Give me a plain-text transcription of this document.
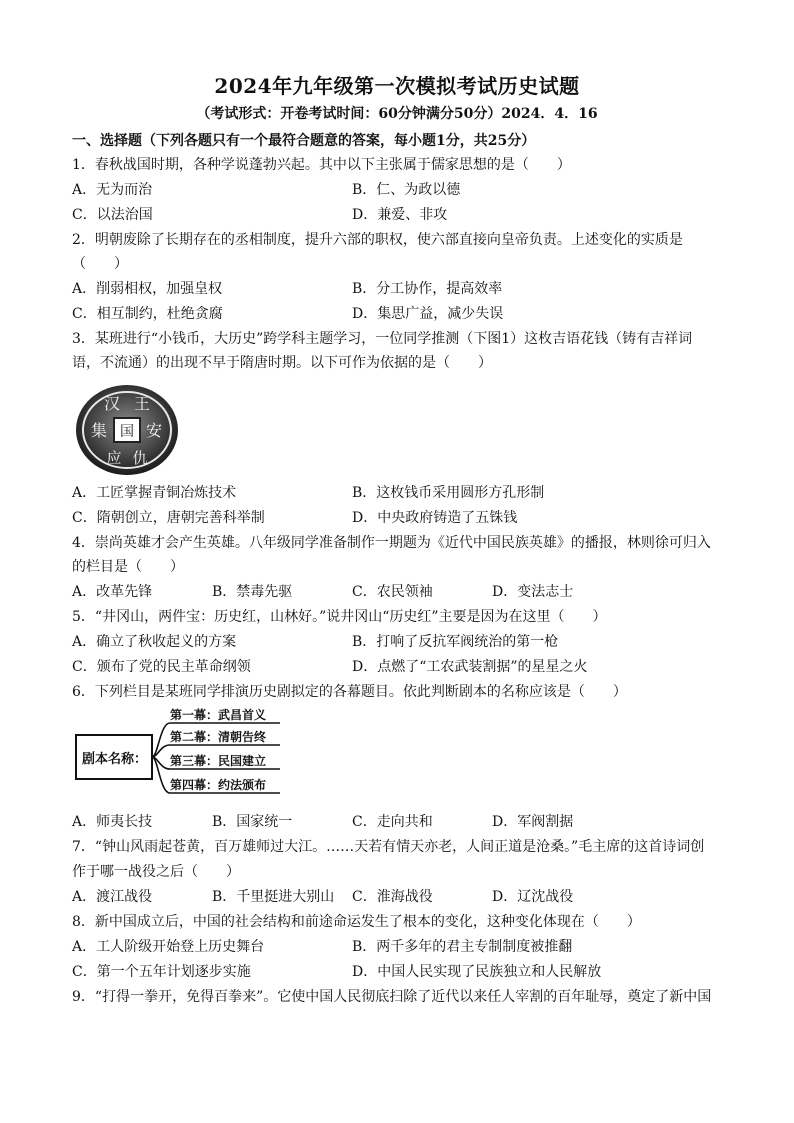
2024年九年级第一次模拟考试历史试题
（考试形式：开卷考试时间：60分钟满分50分）2024．4．16
一、选择题（下列各题只有一个最符合题意的答案，每小题1分，共25分）
1．春秋战国时期，各种学说蓬勃兴起。其中以下主张属于儒家思想的是（　　）
A．无为而治	B．仁、为政以德
C．以法治国	D．兼爱、非攻
2．明朝废除了长期存在的丞相制度，提升六部的职权，使六部直接向皇帝负责。上述变化的实质是
（　　）
A．削弱相权，加强皇权	B．分工协作，提高效率
C．相互制约，杜绝贪腐	D．集思广益，减少失误
3．某班进行“小钱币，大历史”跨学科主题学习，一位同学推测（下图1）这枚吉语花钱（铸有吉祥词
语，不流通）的出现不早于隋唐时期。以下可作为依据的是（　　）
国
汉 王
安
集
应 仇
A．工匠掌握青铜冶炼技术	B．这枚钱币采用圆形方孔形制
C．隋朝创立，唐朝完善科举制	D．中央政府铸造了五铢钱
4．崇尚英雄才会产生英雄。八年级同学准备制作一期题为《近代中国民族英雄》的播报，林则徐可归入
的栏目是（　　）
A．改革先锋	B．禁毒先驱	C．农民领袖	D．变法志士
5．“井冈山，两件宝：历史红，山林好。”说井冈山“历史红”主要是因为在这里（　　）
A．确立了秋收起义的方案	B．打响了反抗军阀统治的第一枪
C．颁布了党的民主革命纲领	D．点燃了“工农武装割据”的星星之火
6．下列栏目是某班同学排演历史剧拟定的各幕题目。依此判断剧本的名称应该是（　　）
剧本名称：
第一幕：武昌首义
第二幕：清朝告终
第三幕：民国建立
第四幕：约法颁布
A．师夷长技	B．国家统一	C．走向共和	D．军阀割据
7．“钟山风雨起苍黄，百万雄师过大江。……天若有情天亦老，人间正道是沧桑。”毛主席的这首诗词创
作于哪一战役之后（　　）
A．渡江战役	B．千里挺进大别山 C．淮海战役	D．辽沈战役
8．新中国成立后，中国的社会结构和前途命运发生了根本的变化，这种变化体现在（　　）
A．工人阶级开始登上历史舞台	B．两千多年的君主专制制度被推翻
C．第一个五年计划逐步实施	D．中国人民实现了民族独立和人民解放
9．“打得一拳开，免得百拳来”。它使中国人民彻底扫除了近代以来任人宰割的百年耻辱，奠定了新中国
